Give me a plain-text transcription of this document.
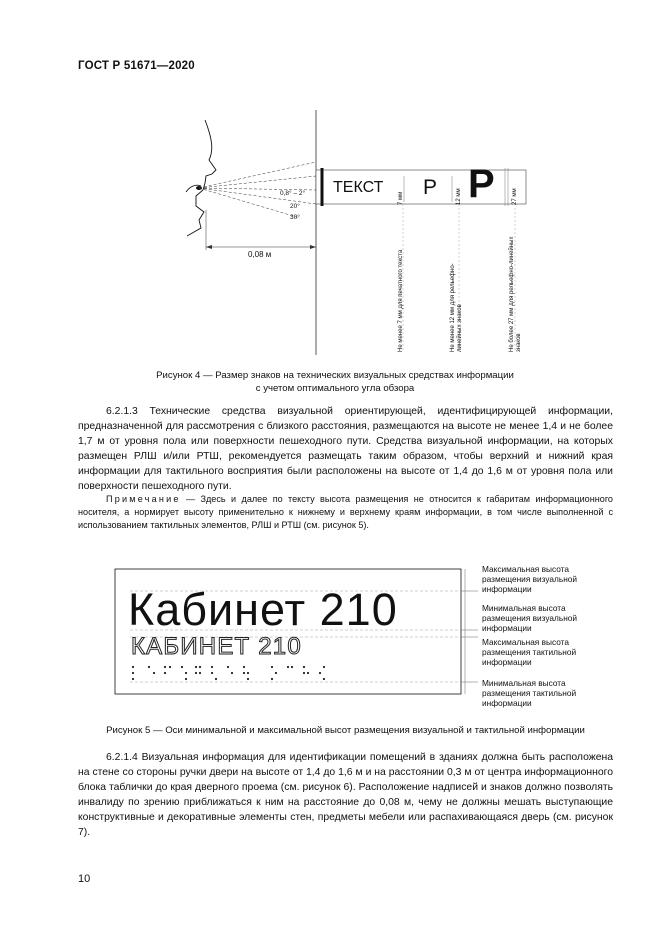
ГОСТ Р 51671—2020
0,8° – 2°
20°
30°
0,08 м
ТЕКСТ Р Р
7 мм	12 мм	27 мм
Не менее 7 мм для печатного текста	Не менее 12 мм для рельефно-линейных знаков	Не более 27 мм для рельефно-линейных знаков
Рисунок 4 — Размер знаков на технических визуальных средствах информации
с учетом оптимального угла обзора
6.2.1.3 Технические средства визуальной ориентирующей, идентифицирующей информации, предназначенной для рассмотрения с близкого расстояния, размещаются на высоте не менее 1,4 и не более 1,7 м от уровня пола или поверхности пешеходного пути. Средства визуальной информации, на которых размещен РЛШ и/или РТШ, рекомендуется размещать таким образом, чтобы верхний и нижний края информации для тактильного восприятия были расположены на высоте от 1,4 до 1,6 м от уровня пола или поверхности пешеходного пути.
Примечание — Здесь и далее по тексту высота размещения не относится к габаритам информационного носителя, а нормирует высоту применительно к нижнему и верхнему краям информации, в том числе выполненной с использованием тактильных элементов, РЛШ и РТШ (см. рисунок 5).
Кабинет 210
КАБИНЕТ 210
Максимальная высота
размещения визуальной
информации
Минимальная высота
размещения визуальной
информации
Максимальная высота
размещения тактильной
информации
Минимальная высота
размещения тактильной
информации
Рисунок 5 — Оси минимальной и максимальной высот размещения визуальной и тактильной информации
6.2.1.4 Визуальная информация для идентификации помещений в зданиях должна быть расположена на стене со стороны ручки двери на высоте от 1,4 до 1,6 м и на расстоянии 0,3 м от центра информационного блока таблички до края дверного проема (см. рисунок 6). Расположение надписей и знаков должно позволять инвалиду по зрению приближаться к ним на расстояние до 0,08 м, чему не должны мешать выступающие конструктивные и декоративные элементы стен, предметы мебели или распахивающаяся дверь (см. рисунок 7).
10
